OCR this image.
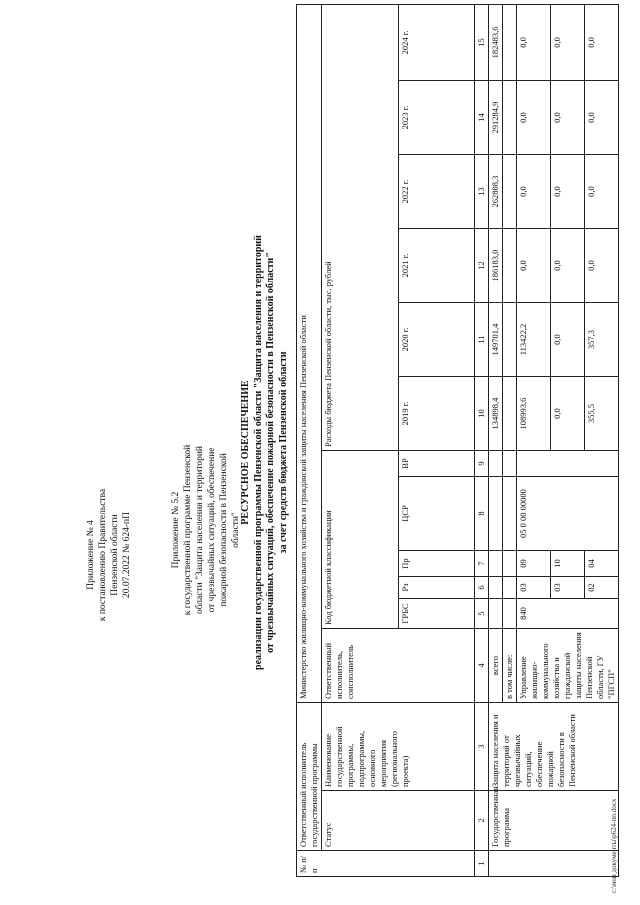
Приложение № 4 к постановлению Правительства Пензенской области 20.07.2022 № 624-пП	Приложение № 5.2 к государственной программе Пензенской области "Защита населения и территорий от чрезвычайных ситуаций, обеспечение пожарной безопасности в Пензенской области"
РЕСУРСНОЕ ОБЕСПЕЧЕНИЕ реализации государственной программы Пензенской области "Защита населения и территорий от чрезвычайных ситуаций, обеспечение пожарной безопасности в Пензенской области" за счет средств бюджета Пензенской области
№ п/п	Ответственный исполнитель государственной программы		Министерство жилищно-коммунального хозяйства и гражданской защиты населения Пензенской области											
	Статус	Наименование государственной программы, подпрограммы, основного мероприятия (регионального проекта)	Ответственный исполнитель, соисполнитель	Код бюджетной классификации					Расходы бюджета Пензенской области, тыс. рублей					
				ГРБС	Рз	Пр	ЦСР	ВР	2019 г.	2020 г.	2021 г.	2022 г.	2023 г.	2024 г.
1	2	3	4	5	6	7	8	9	10	11	12	13	14	15
	Государственная программа	Защита населения и территорий от чрезвычайных ситуаций, обеспечение пожарной безопасности в Пензенской области	всего						134898,4	149701,4	186183,0	262808,3	291284,9	182483,6
			в том числе:											
			Управление жилищно-коммунального хозяйства и гражданской защиты населения Пензенской области, ГУ "ПГСП"	840	03	09	05 0 00 00000		108993,6	113422,2	0,0	0,0	0,0	0,0
					03	10			0,0	0,0	0,0	0,0	0,0	0,0
					02	04			355,5	357,3	0,0	0,0	0,0	0,0
c:\мои документы\р624-пп.docx
